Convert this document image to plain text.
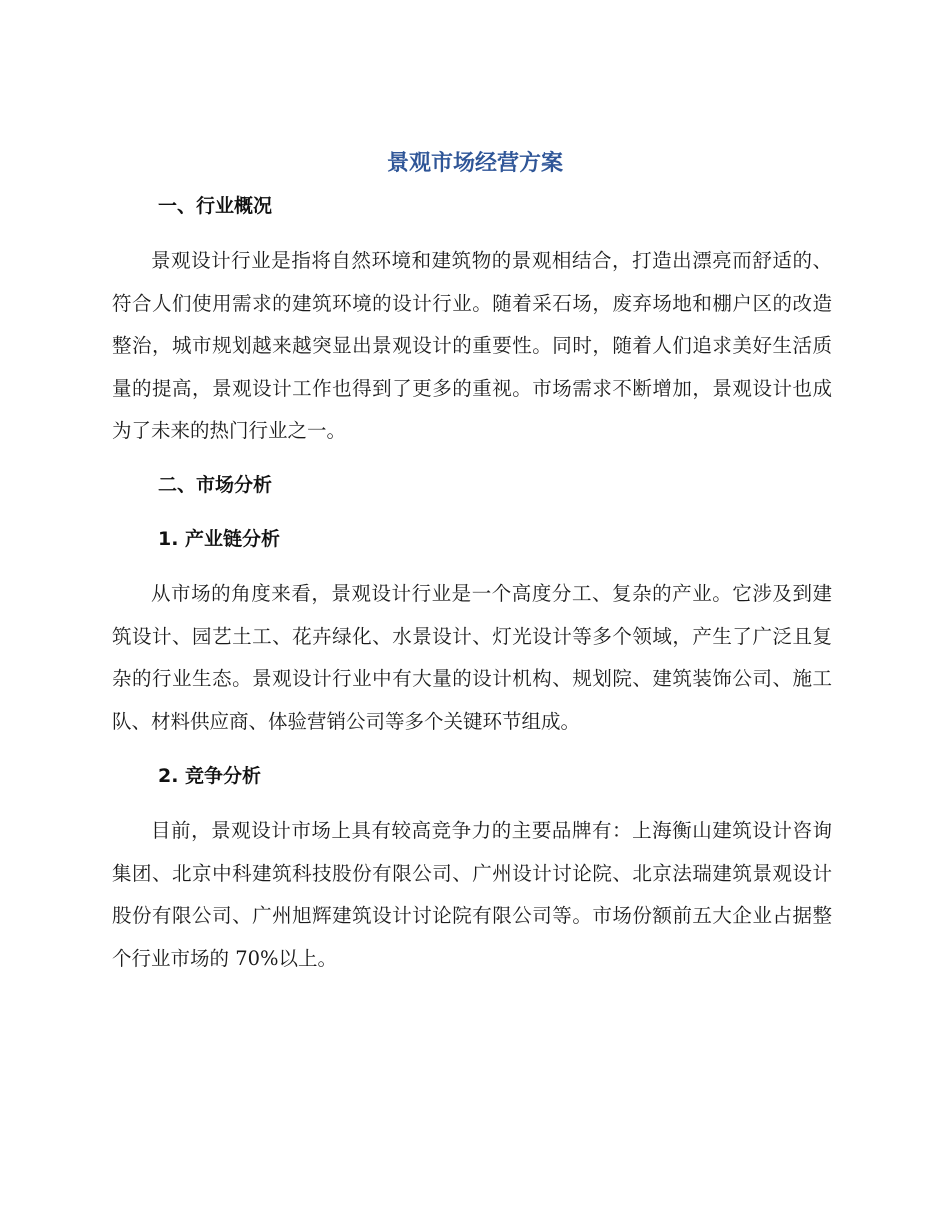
景观市场经营方案
一、行业概况

景观设计行业是指将自然环境和建筑物的景观相结合，打造出漂亮而舒适的、符合人们使用需求的建筑环境的设计行业。随着采石场，废弃场地和棚户区的改造整治，城市规划越来越突显出景观设计的重要性。同时，随着人们追求美好生活质量的提高，景观设计工作也得到了更多的重视。市场需求不断增加，景观设计也成为了未来的热门行业之一。

二、市场分析
1. 产业链分析

从市场的角度来看，景观设计行业是一个高度分工、复杂的产业。它涉及到建筑设计、园艺土工、花卉绿化、水景设计、灯光设计等多个领域，产生了广泛且复杂的行业生态。景观设计行业中有大量的设计机构、规划院、建筑装饰公司、施工队、材料供应商、体验营销公司等多个关键环节组成。

2. 竞争分析

目前，景观设计市场上具有较高竞争力的主要品牌有：上海衡山建筑设计咨询集团、北京中科建筑科技股份有限公司、广州设计讨论院、北京法瑞建筑景观设计股份有限公司、广州旭辉建筑设计讨论院有限公司等。市场份额前五大企业占据整个行业市场的 70%以上。
